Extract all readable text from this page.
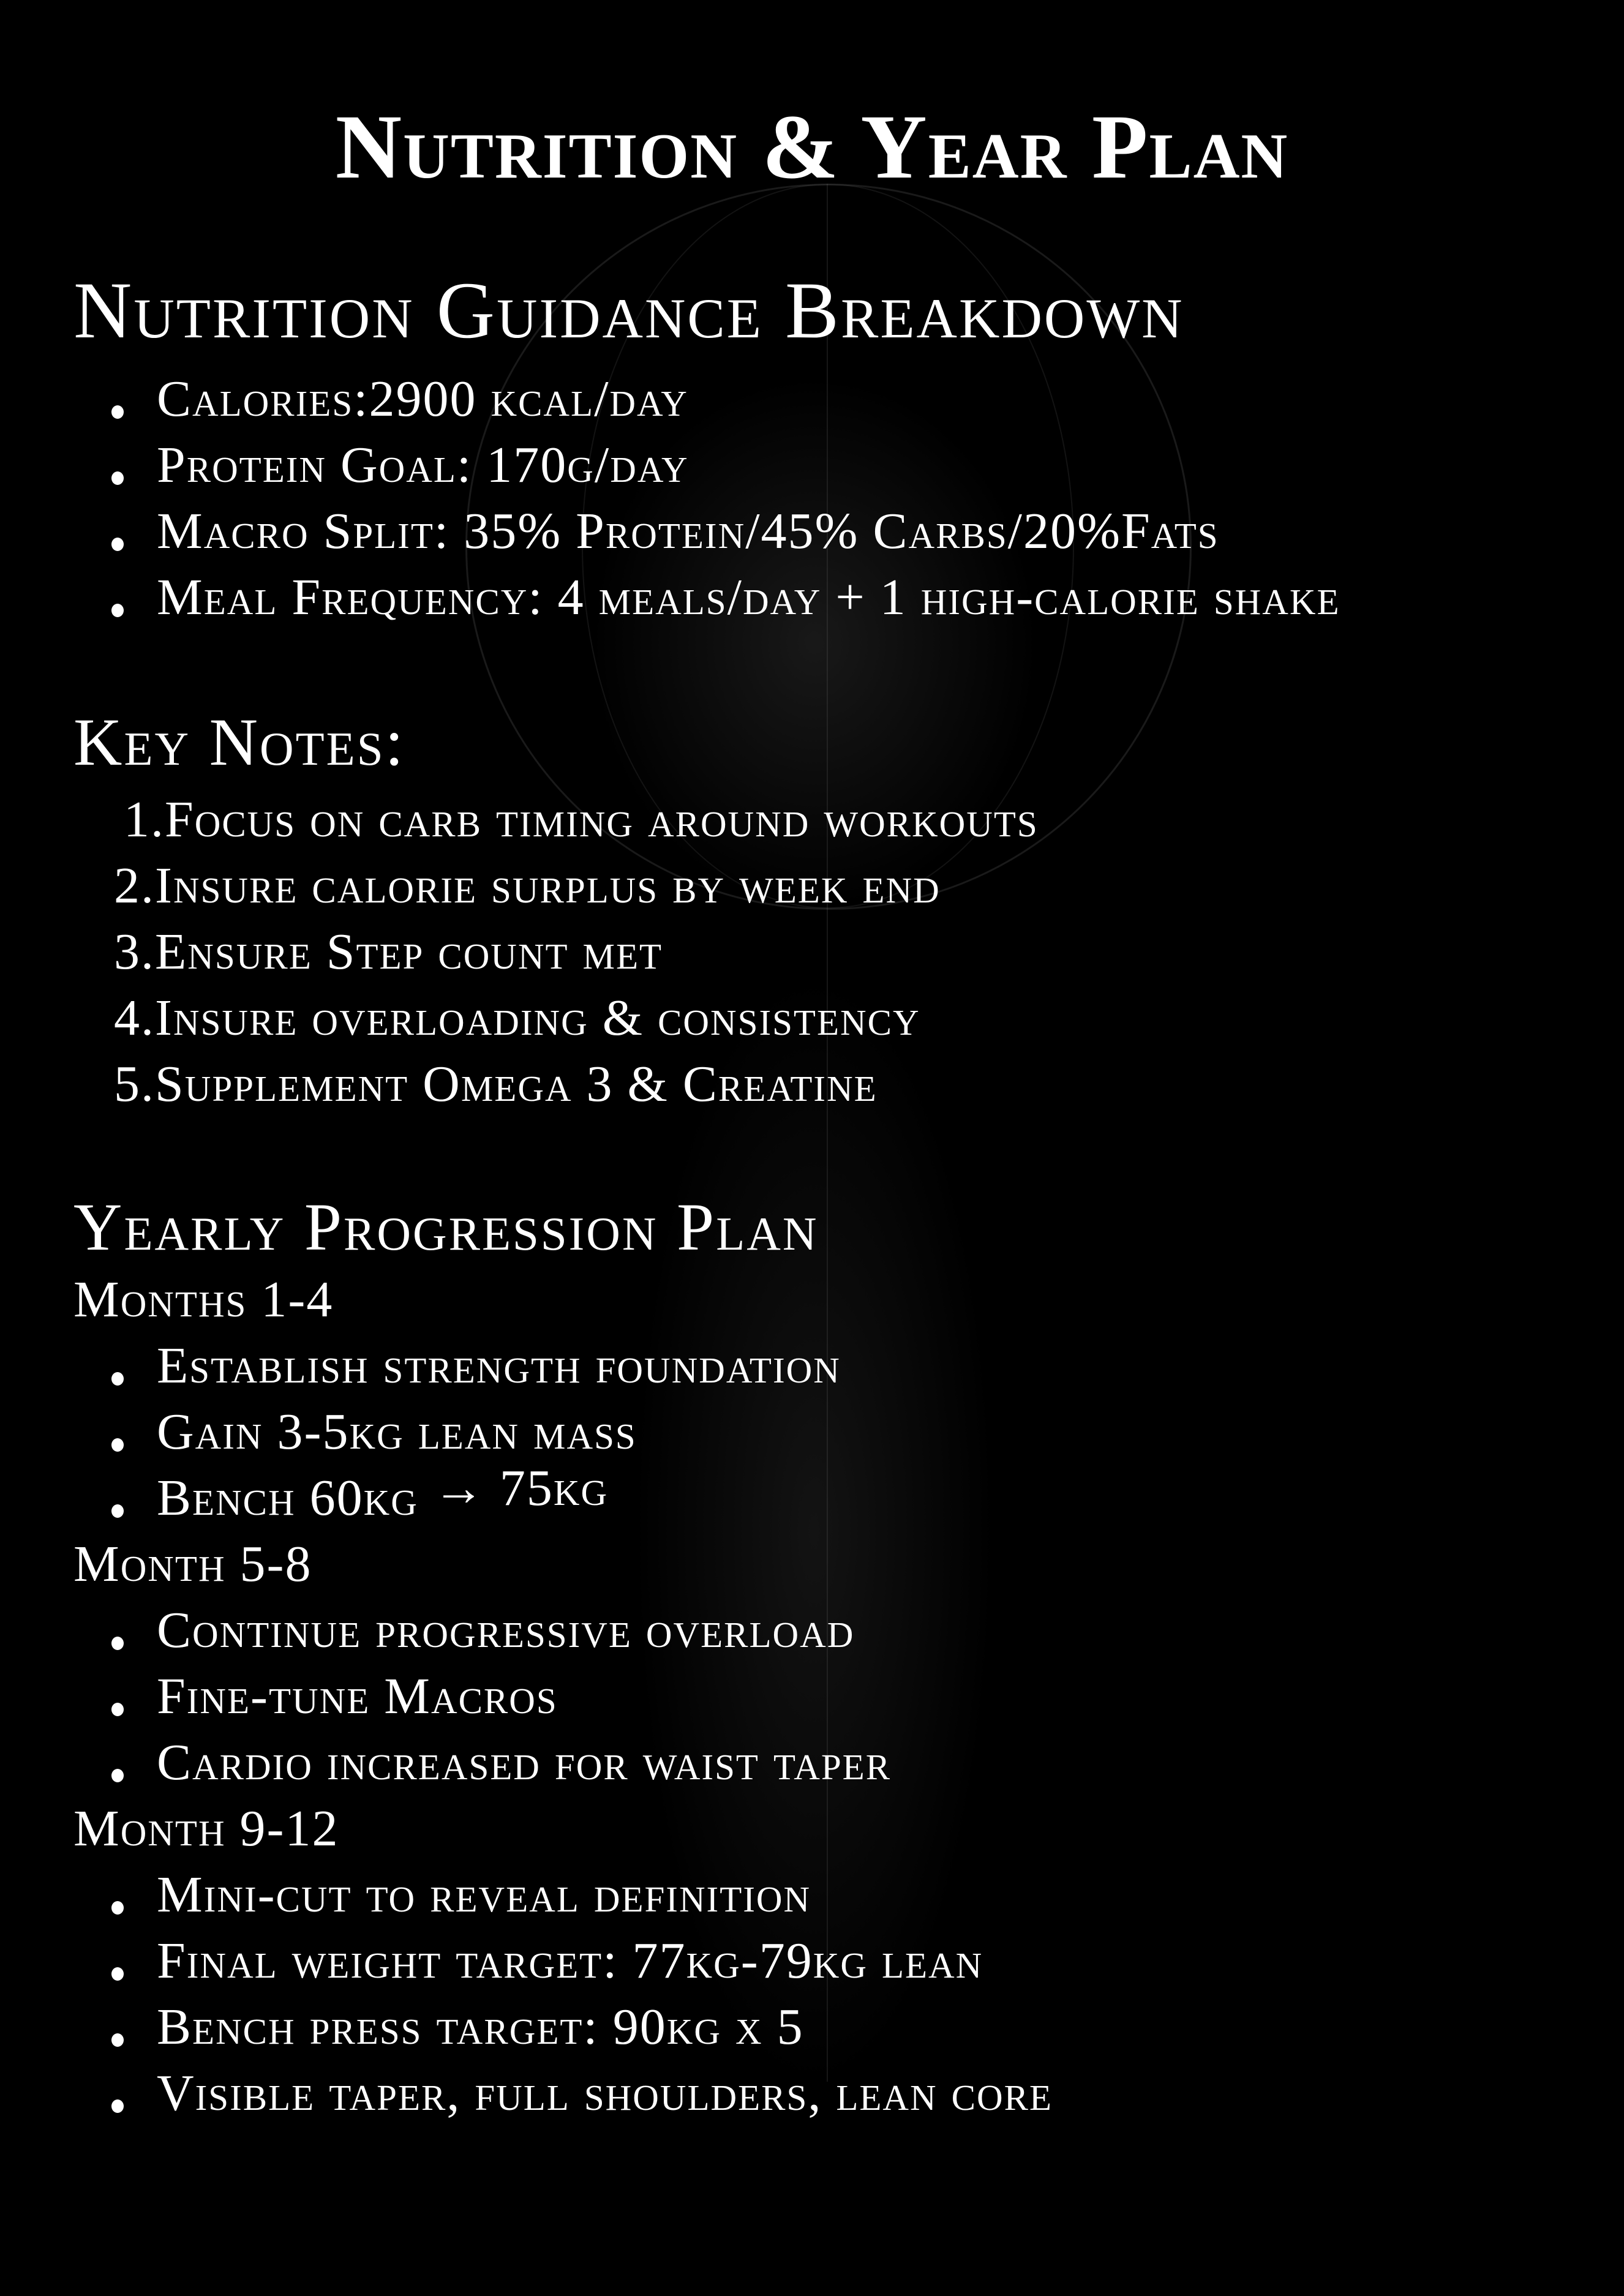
Nutrition & Year Plan
Nutrition Guidance Breakdown
Calories:2900 kcal/day
Protein Goal: 170g/day
Macro Split: 35% Protein/45% Carbs/20%Fats
Meal Frequency: 4 meals/day + 1 high-calorie shake
Key Notes:
1.Focus on carb timing around workouts
2.Insure calorie surplus by week end
3.Ensure Step count met
4.Insure overloading & consistency
5.Supplement Omega 3 & Creatine
Yearly Progression Plan
Months 1-4
Establish strength foundation
Gain 3-5kg lean mass
Bench 60kg → 75kg
Month 5-8
Continue progressive overload
Fine-tune Macros
Cardio increased for waist taper
Month 9-12
Mini-cut to reveal definition
Final weight target: 77kg-79kg lean
Bench press target: 90kg x 5
Visible taper, full shoulders, lean core
